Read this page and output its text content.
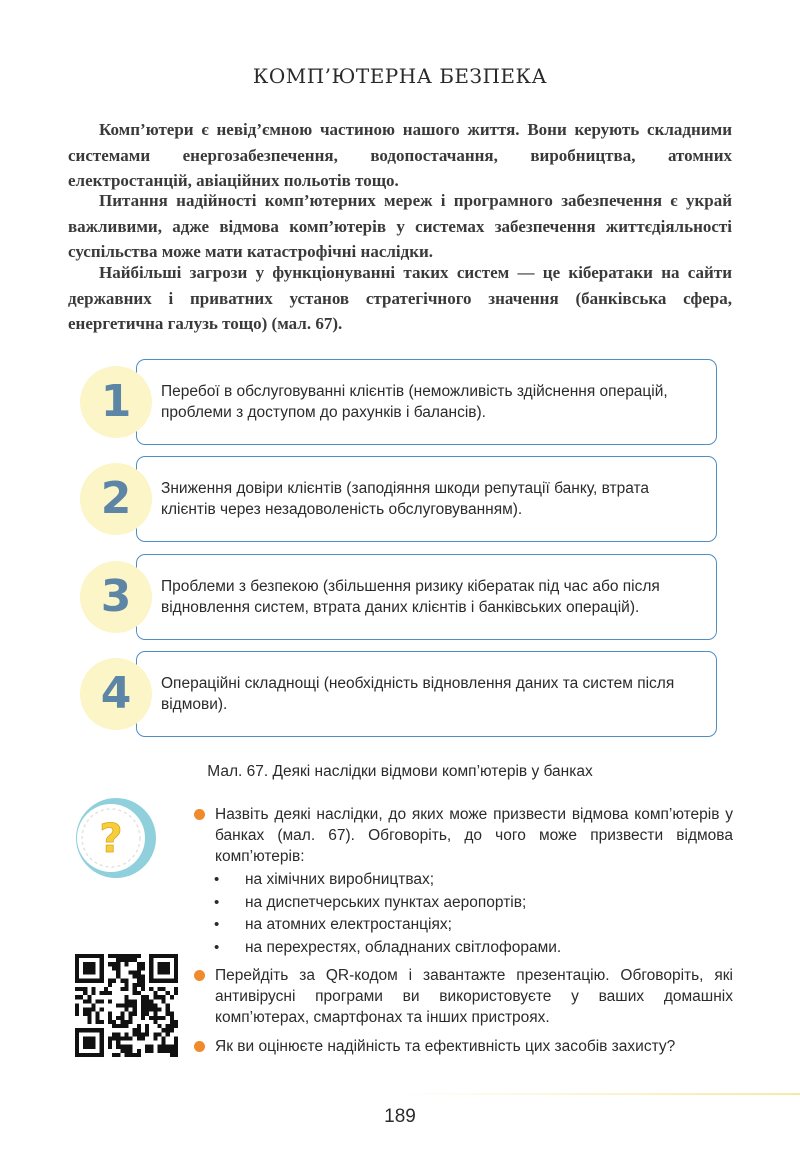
КОМП’ЮТЕРНА БЕЗПЕКА

Комп’ютери є невід’ємною частиною нашого життя. Вони керують складними системами енергозабезпечення, водопостачання, виробництва, атомних електростанцій, авіаційних польотів тощо.

Питання надійності комп’ютерних мереж і програмного забезпечення є украй важливими, адже відмова комп’ютерів у системах забезпечення життєдіяльності суспільства може мати катастрофічні наслідки.

Найбільші загрози у функціонуванні таких систем — це кібератаки на сайти державних і приватних установ стратегічного значення (банківська сфера, енергетична галузь тощо) (мал. 67).

Перебої в обслуговуванні клієнтів (неможливість здійснення операцій, проблеми з доступом до рахунків і балансів).
1
Зниження довіри клієнтів (заподіяння шкоди репутації банку, втрата клієнтів через незадоволеність обслуговуванням).
2
Проблеми з безпекою (збільшення ризику кібератак під час або після відновлення систем, втрата даних клієнтів і банківських операцій).
3
Операційні складнощі (необхідність відновлення даних та систем після відмови).
4
Мал. 67. Деякі наслідки відмови комп’ютерів у банках
?
Назвіть деякі наслідки, до яких може призвести відмова комп’ютерів у банках (мал. 67). Обговоріть, до чого може призвести відмова комп’ютерів:
• на хімічних виробництвах;
• на диспетчерських пунктах аеропортів;
• на атомних електростанціях;
• на перехрестях, обладнаних світлофорами.
Перейдіть за QR-кодом і завантажте презентацію. Обговоріть, які антивірусні програми ви використовуєте у ваших домашніх комп’ютерах, смартфонах та інших пристроях.
Як ви оцінюєте надійність та ефективність цих засобів захисту?
189
